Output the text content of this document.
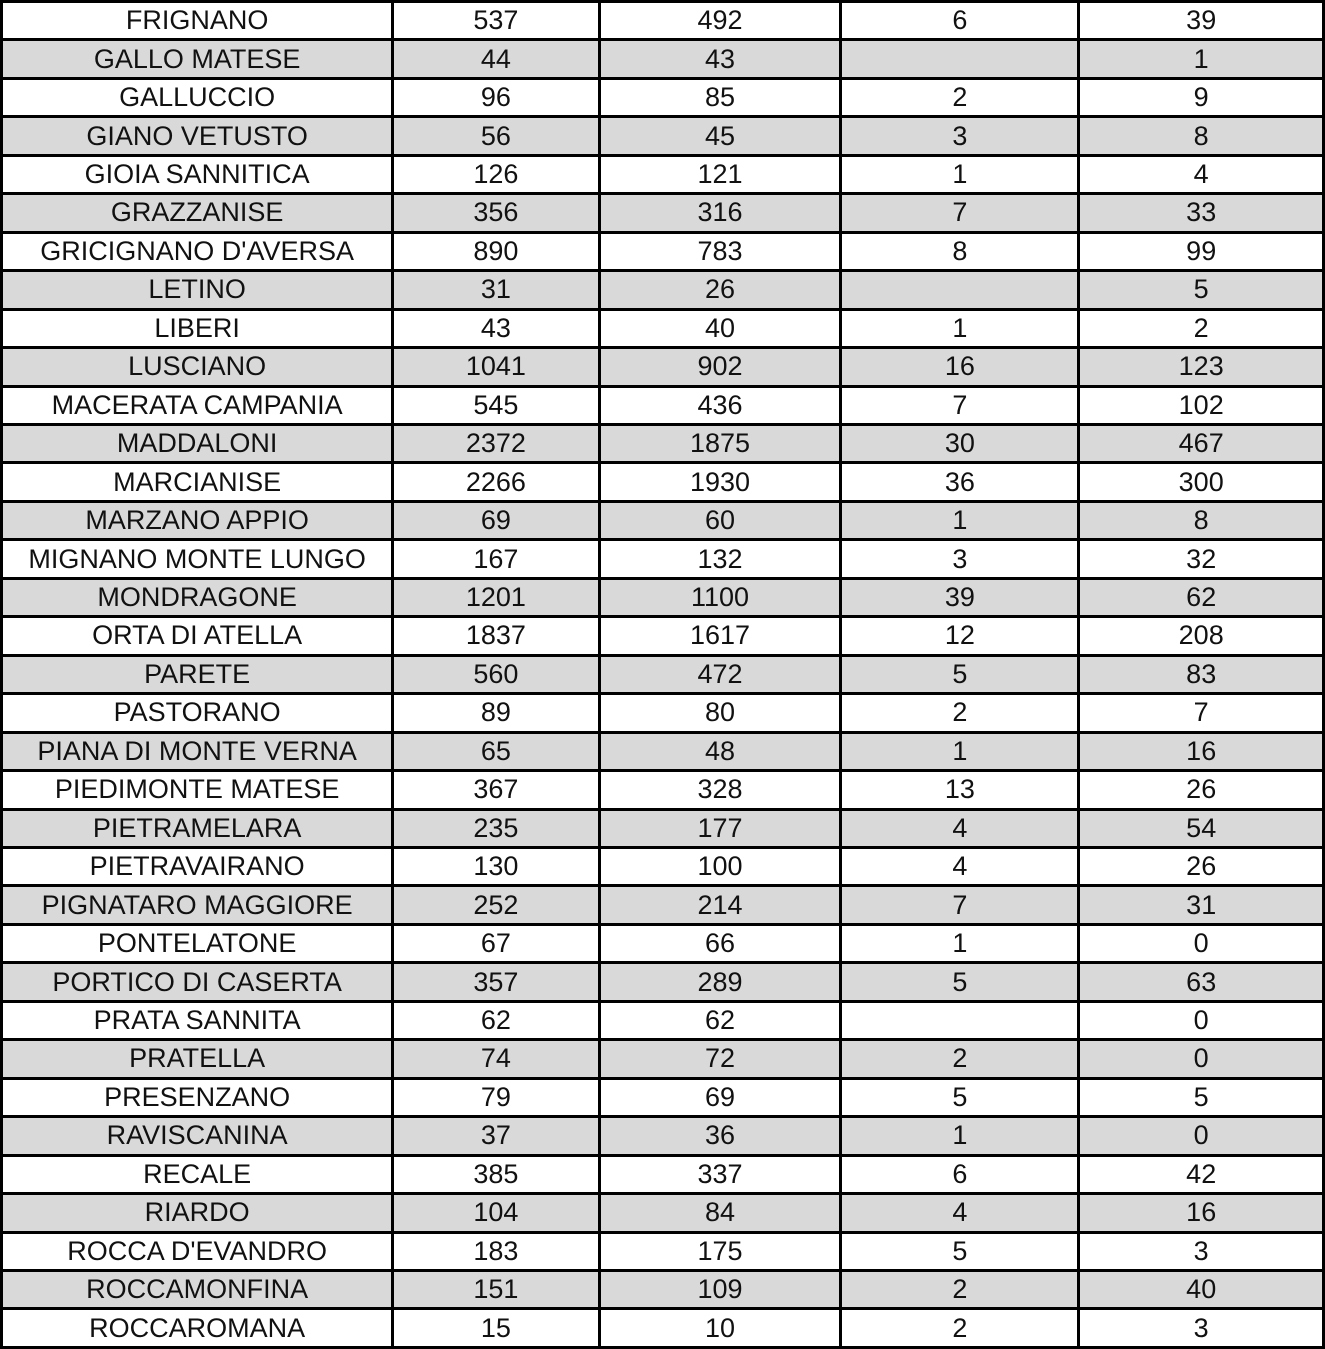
FRIGNANO	537	492	6	39
GALLO MATESE	44	43		1
GALLUCCIO	96	85	2	9
GIANO VETUSTO	56	45	3	8
GIOIA SANNITICA	126	121	1	4
GRAZZANISE	356	316	7	33
GRICIGNANO D'AVERSA	890	783	8	99
LETINO	31	26		5
LIBERI	43	40	1	2
LUSCIANO	1041	902	16	123
MACERATA CAMPANIA	545	436	7	102
MADDALONI	2372	1875	30	467
MARCIANISE	2266	1930	36	300
MARZANO APPIO	69	60	1	8
MIGNANO MONTE LUNGO	167	132	3	32
MONDRAGONE	1201	1100	39	62
ORTA DI ATELLA	1837	1617	12	208
PARETE	560	472	5	83
PASTORANO	89	80	2	7
PIANA DI MONTE VERNA	65	48	1	16
PIEDIMONTE MATESE	367	328	13	26
PIETRAMELARA	235	177	4	54
PIETRAVAIRANO	130	100	4	26
PIGNATARO MAGGIORE	252	214	7	31
PONTELATONE	67	66	1	0
PORTICO DI CASERTA	357	289	5	63
PRATA SANNITA	62	62		0
PRATELLA	74	72	2	0
PRESENZANO	79	69	5	5
RAVISCANINA	37	36	1	0
RECALE	385	337	6	42
RIARDO	104	84	4	16
ROCCA D'EVANDRO	183	175	5	3
ROCCAMONFINA	151	109	2	40
ROCCAROMANA	15	10	2	3
